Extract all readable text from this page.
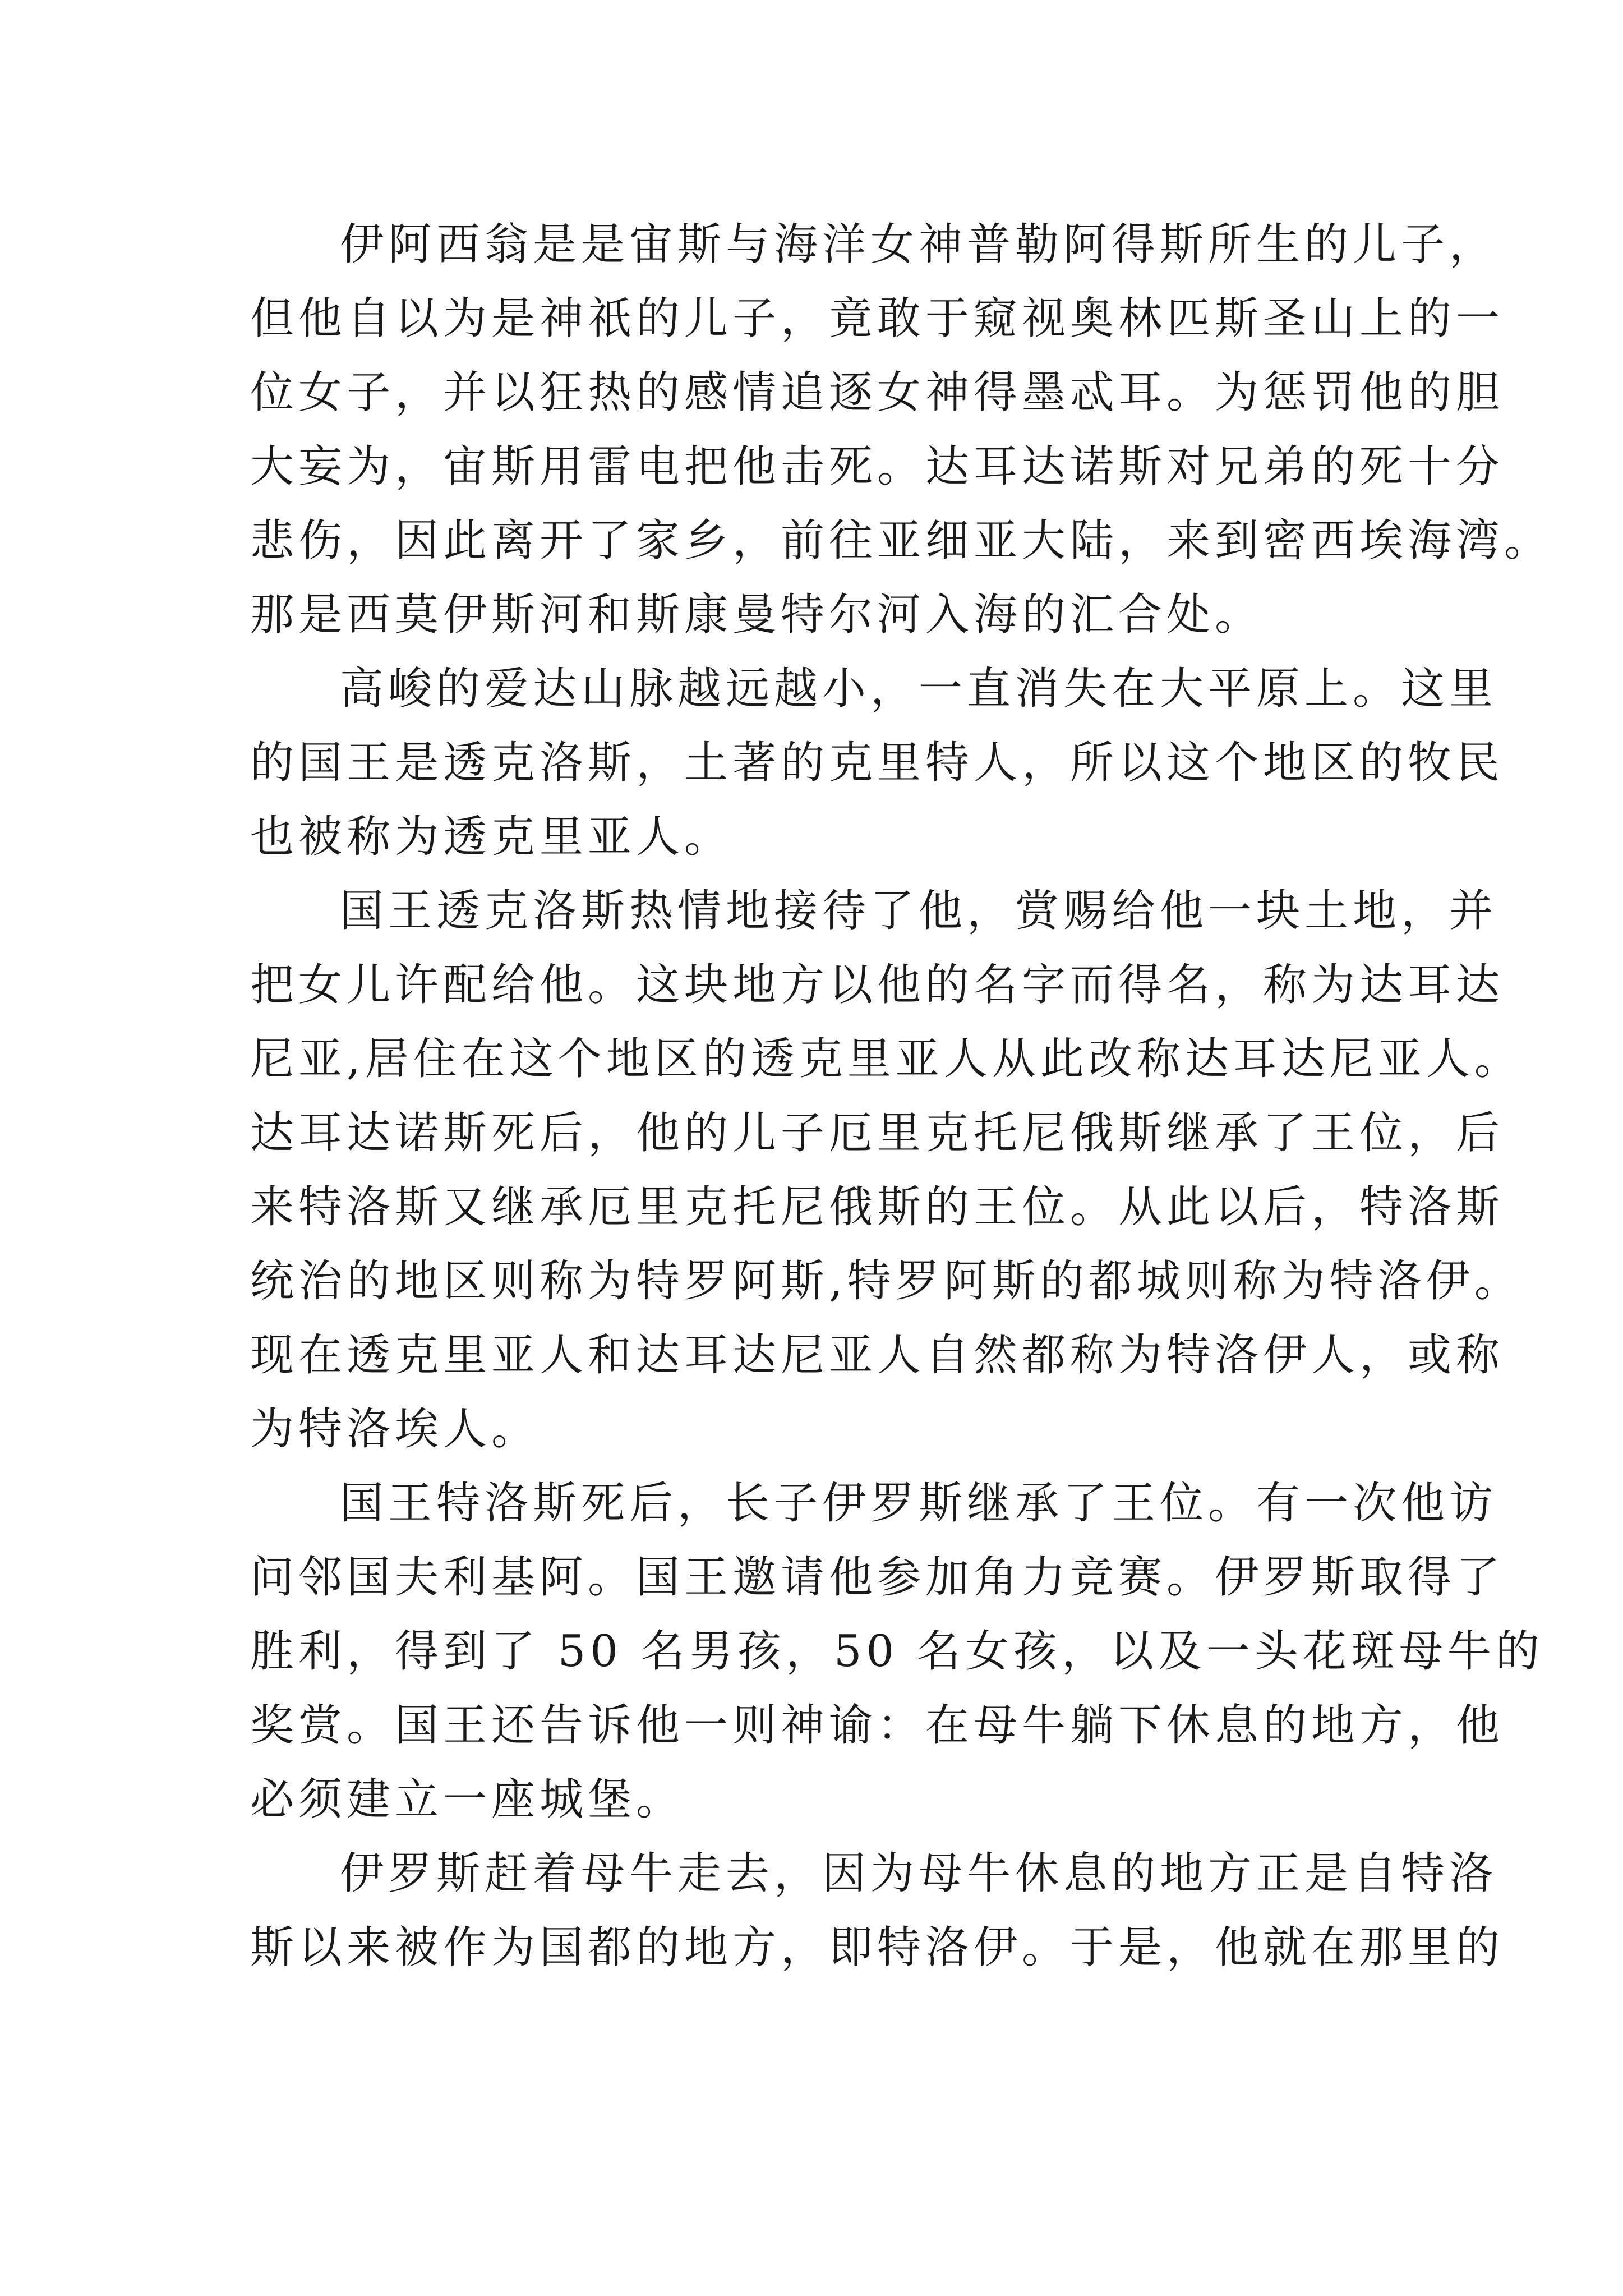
伊阿西翁是是宙斯与海洋女神普勒阿得斯所生的儿子，
但他自以为是神祇的儿子，竟敢于窥视奥林匹斯圣山上的一
位女子，并以狂热的感情追逐女神得墨忒耳。为惩罚他的胆
大妄为，宙斯用雷电把他击死。达耳达诺斯对兄弟的死十分
悲伤，因此离开了家乡，前往亚细亚大陆，来到密西埃海湾。
那是西莫伊斯河和斯康曼特尔河入海的汇合处。
高峻的爱达山脉越远越小，一直消失在大平原上。这里
的国王是透克洛斯，土著的克里特人，所以这个地区的牧民
也被称为透克里亚人。
国王透克洛斯热情地接待了他，赏赐给他一块土地，并
把女儿许配给他。这块地方以他的名字而得名，称为达耳达
尼亚,居住在这个地区的透克里亚人从此改称达耳达尼亚人。
达耳达诺斯死后，他的儿子厄里克托尼俄斯继承了王位，后
来特洛斯又继承厄里克托尼俄斯的王位。从此以后，特洛斯
统治的地区则称为特罗阿斯,特罗阿斯的都城则称为特洛伊。
现在透克里亚人和达耳达尼亚人自然都称为特洛伊人，或称
为特洛埃人。
国王特洛斯死后，长子伊罗斯继承了王位。有一次他访
问邻国夫利基阿。国王邀请他参加角力竞赛。伊罗斯取得了
胜利，得到了 50 名男孩，50 名女孩，以及一头花斑母牛的
奖赏。国王还告诉他一则神谕：在母牛躺下休息的地方，他
必须建立一座城堡。
伊罗斯赶着母牛走去，因为母牛休息的地方正是自特洛
斯以来被作为国都的地方，即特洛伊。于是，他就在那里的
